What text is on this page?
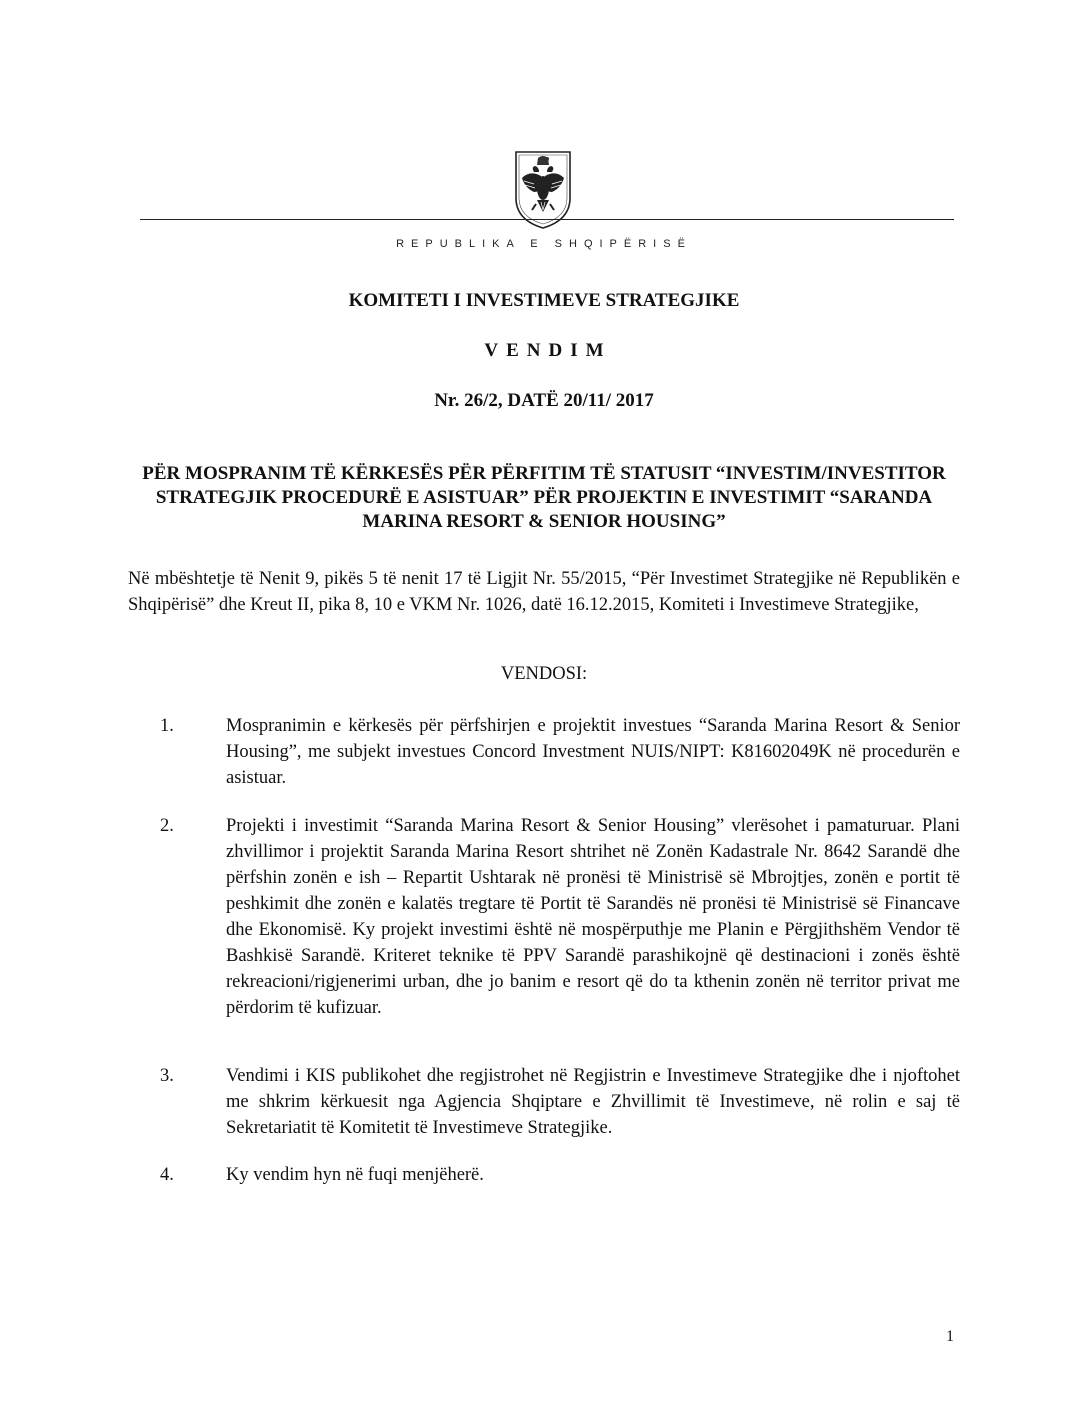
REPUBLIKA E SHQIPËRISË
KOMITETI I INVESTIMEVE STRATEGJIKE
VENDIM
Nr. 26/2, DATË 20/11/ 2017
PËR MOSPRANIM TË KËRKESËS PËR PËRFITIM TË STATUSIT “INVESTIM/INVESTITOR STRATEGJIK PROCEDURË E ASISTUAR” PËR PROJEKTIN E INVESTIMIT “SARANDA MARINA RESORT & SENIOR HOUSING”
Në mbështetje të Nenit 9, pikës 5 të nenit 17 të Ligjit Nr. 55/2015, “Për Investimet Strategjike në Republikën e Shqipërisë” dhe Kreut II, pika 8, 10 e VKM Nr. 1026, datë 16.12.2015, Komiteti i Investimeve Strategjike,
VENDOSI:
1.	Mospranimin e kërkesës për përfshirjen e projektit investues “Saranda Marina Resort & Senior Housing”, me subjekt investues Concord Investment NUIS/NIPT: K81602049K në procedurën e asistuar.
2.	Projekti i investimit “Saranda Marina Resort & Senior Housing” vlerësohet i pamaturuar. Plani zhvillimor i projektit Saranda Marina Resort shtrihet në Zonën Kadastrale Nr. 8642 Sarandë dhe përfshin zonën e ish – Repartit Ushtarak në pronësi të Ministrisë së Mbrojtjes, zonën e portit të peshkimit dhe zonën e kalatës tregtare të Portit të Sarandës në pronësi të Ministrisë së Financave dhe Ekonomisë. Ky projekt investimi është në mospërputhje me Planin e Përgjithshëm Vendor të Bashkisë Sarandë. Kriteret teknike të PPV Sarandë parashikojnë që destinacioni i zonës është rekreacioni/rigjenerimi urban, dhe jo banim e resort që do ta kthenin zonën në territor privat me përdorim të kufizuar.
3.	Vendimi i KIS publikohet dhe regjistrohet në Regjistrin e Investimeve Strategjike dhe i njoftohet me shkrim kërkuesit nga Agjencia Shqiptare e Zhvillimit të Investimeve, në rolin e saj të Sekretariatit të Komitetit të Investimeve Strategjike.
4.	Ky vendim hyn në fuqi menjëherë.
1
